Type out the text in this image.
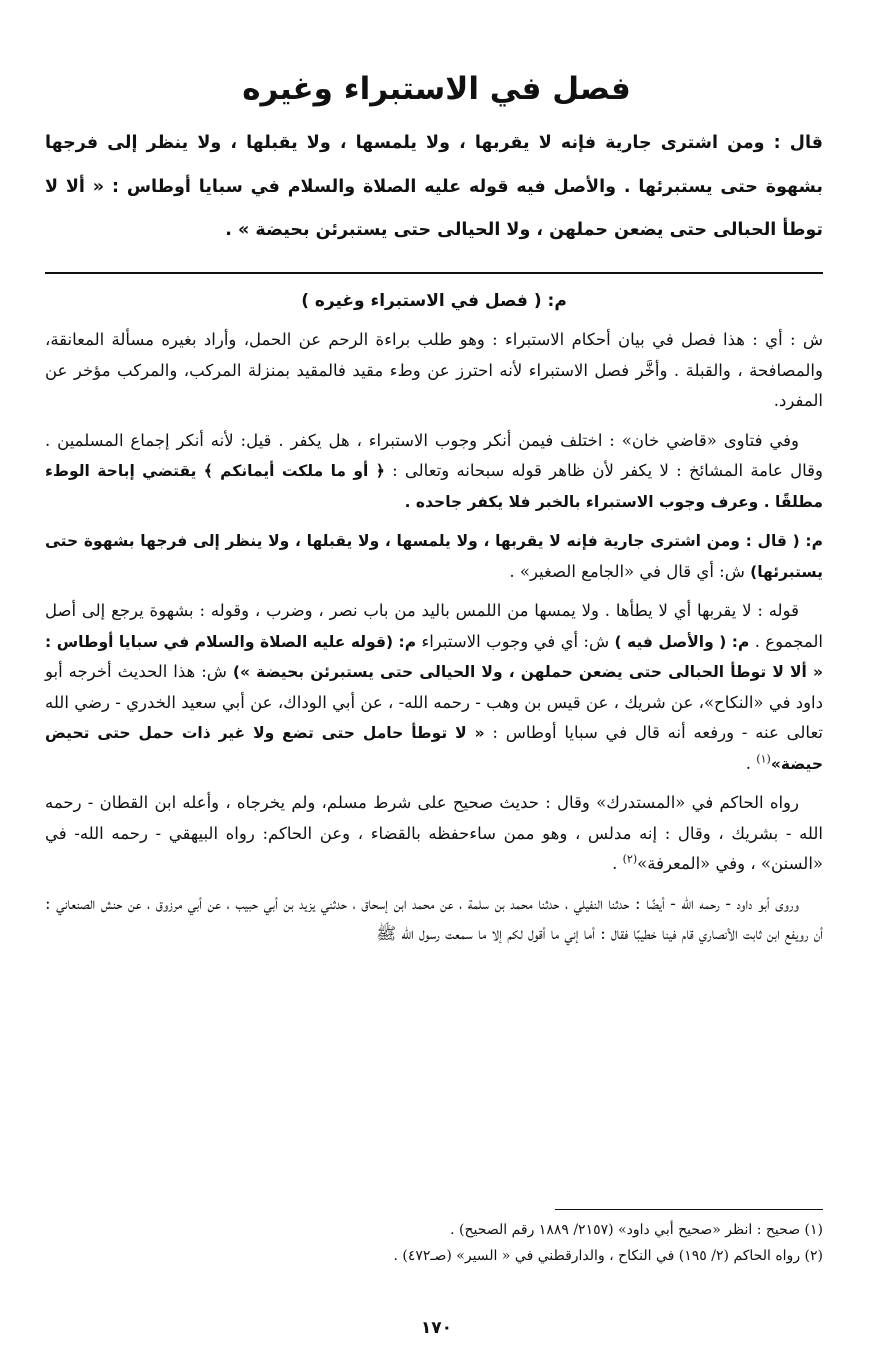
فصل في الاستبراء وغيره

قال : ومن اشترى جارية فإنه لا يقربها ، ولا يلمسها ، ولا يقبلها ، ولا ينظر إلى فرجها بشهوة حتى يستبرئها . والأصل فيه قوله عليه الصلاة والسلام في سبايا أوطاس : « ألا لا توطأ الحبالى حتى يضعن حملهن ، ولا الحيالى حتى يستبرئن بحيضة » .

م: ( فصل في الاستبراء وغيره )

ش : أي : هذا فصل في بيان أحكام الاستبراء : وهو طلب براءة الرحم عن الحمل، وأراد بغيره مسألة المعانقة، والمصافحة ، والقبلة . وأخَّر فصل الاستبراء لأنه احترز عن وطء مقيد فالمقيد بمنزلة المركب، والمركب مؤخر عن المفرد.

وفي فتاوى «قاضي خان» : اختلف فيمن أنكر وجوب الاستبراء ، هل يكفر . قيل: لأنه أنكر إجماع المسلمين . وقال عامة المشائخ : لا يكفر لأن ظاهر قوله سبحانه وتعالى : ﴿ أو ما ملكت أيمانكم ﴾ يقتضي إباحة الوطء مطلقًا . وعرف وجوب الاستبراء بالخبر فلا يكفر جاحده .

م: ( قال : ومن اشترى جارية فإنه لا يقربها ، ولا يلمسها ، ولا يقبلها ، ولا ينظر إلى فرجها بشهوة حتى يستبرئها) ش: أي قال في «الجامع الصغير» .

قوله : لا يقربها أي لا يطأها . ولا يمسها من اللمس باليد من باب نصر ، وضرب ، وقوله : بشهوة يرجع إلى أصل المجموع . م: ( والأصل فيه ) ش: أي في وجوب الاستبراء م: (قوله عليه الصلاة والسلام في سبايا أوطاس : « ألا لا توطأ الحبالى حتى يضعن حملهن ، ولا الحيالى حتى يستبرئن بحيضة ») ش: هذا الحديث أخرجه أبو داود في «النكاح»، عن شريك ، عن قيس بن وهب - رحمه الله- ، عن أبي الوداك، عن أبي سعيد الخدري - رضي الله تعالى عنه - ورفعه أنه قال في سبايا أوطاس : « لا توطأ حامل حتى تضع ولا غير ذات حمل حتى تحيض حيضة»$^{(١)}$ .

رواه الحاكم في «المستدرك» وقال : حديث صحيح على شرط مسلم، ولم يخرجاه ، وأعله ابن القطان - رحمه الله - بشريك ، وقال : إنه مدلس ، وهو ممن ساءحفظه بالقضاء ، وعن الحاكم: رواه البيهقي - رحمه الله- في «السنن» ، وفي «المعرفة»$^{(٢)}$ .

وروى أبو داود - رحمه الله - أيضًا : حدثنا النفيلي ، حدثنا محمد بن سلمة ، عن محمد ابن إسحاق ، حدثني يزيد بن أبي حبيب ، عن أبي مرزوق ، عن حنش الصنعاني : أن رويفع ابن ثابت الأنصاري قام فينا خطيبًا فقال : أما إني ما أقول لكم إلا ما سمعت رسول الله ﷺ

(١) صحيح : انظر «صحيح أبي داود» (٢١٥٧/ ١٨٨٩ رقم الصحيح) .

(٢) رواه الحاكم (٢/ ١٩٥) في النكاح ، والدارقطني في « السير» (صـ٤٧٢) .

١٧٠
